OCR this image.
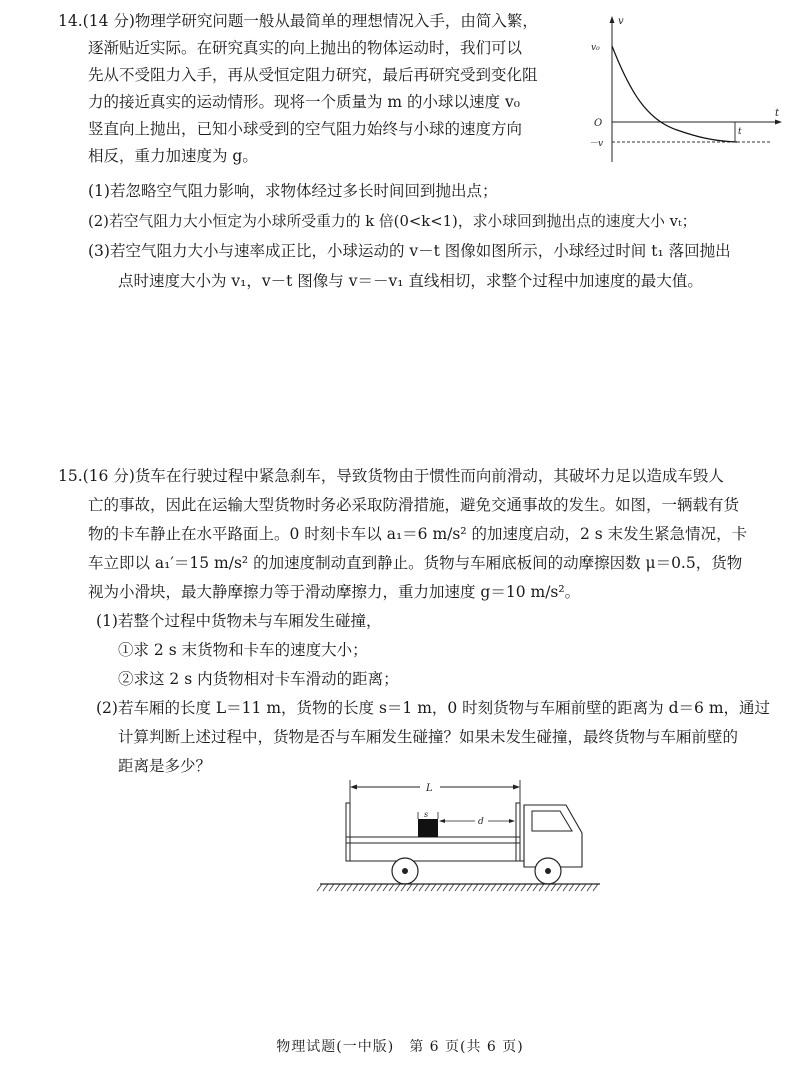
14.(14 分)物理学研究问题一般从最简单的理想情况入手，由简入繁，
逐渐贴近实际。在研究真实的向上抛出的物体运动时，我们可以
先从不受阻力入手，再从受恒定阻力研究，最后再研究受到变化阻
力的接近真实的运动情形。现将一个质量为 m 的小球以速度 v₀
竖直向上抛出，已知小球受到的空气阻力始终与小球的速度方向
相反，重力加速度为 g。
(1)若忽略空气阻力影响，求物体经过多长时间回到抛出点；
(2)若空气阻力大小恒定为小球所受重力的 k 倍(0<k<1)，求小球回到抛出点的速度大小 vₜ；
(3)若空气阻力大小与速率成正比，小球运动的 v－t 图像如图所示，小球经过时间 t₁ 落回抛出
点时速度大小为 v₁，v－t 图像与 v＝－v₁ 直线相切，求整个过程中加速度的最大值。
v
t
O
v₀
－v
t

15.(16 分)货车在行驶过程中紧急刹车，导致货物由于惯性而向前滑动，其破坏力足以造成车毁人

亡的事故，因此在运输大型货物时务必采取防滑措施，避免交通事故的发生。如图，一辆载有货

物的卡车静止在水平路面上。0 时刻卡车以 a₁＝6 m/s² 的加速度启动，2 s 末发生紧急情况，卡

车立即以 a₁′＝15 m/s² 的加速度制动直到静止。货物与车厢底板间的动摩擦因数 μ＝0.5，货物

视为小滑块，最大静摩擦力等于滑动摩擦力，重力加速度 g＝10 m/s²。

(1)若整个过程中货物未与车厢发生碰撞，

①求 2 s 末货物和卡车的速度大小；

②求这 2 s 内货物相对卡车滑动的距离；

(2)若车厢的长度 L＝11 m，货物的长度 s＝1 m，0 时刻货物与车厢前壁的距离为 d＝6 m，通过

计算判断上述过程中，货物是否与车厢发生碰撞？如果未发生碰撞，最终货物与车厢前壁的

距离是多少？

L
s
d
物理试题(一中版)　第 6 页(共 6 页)
